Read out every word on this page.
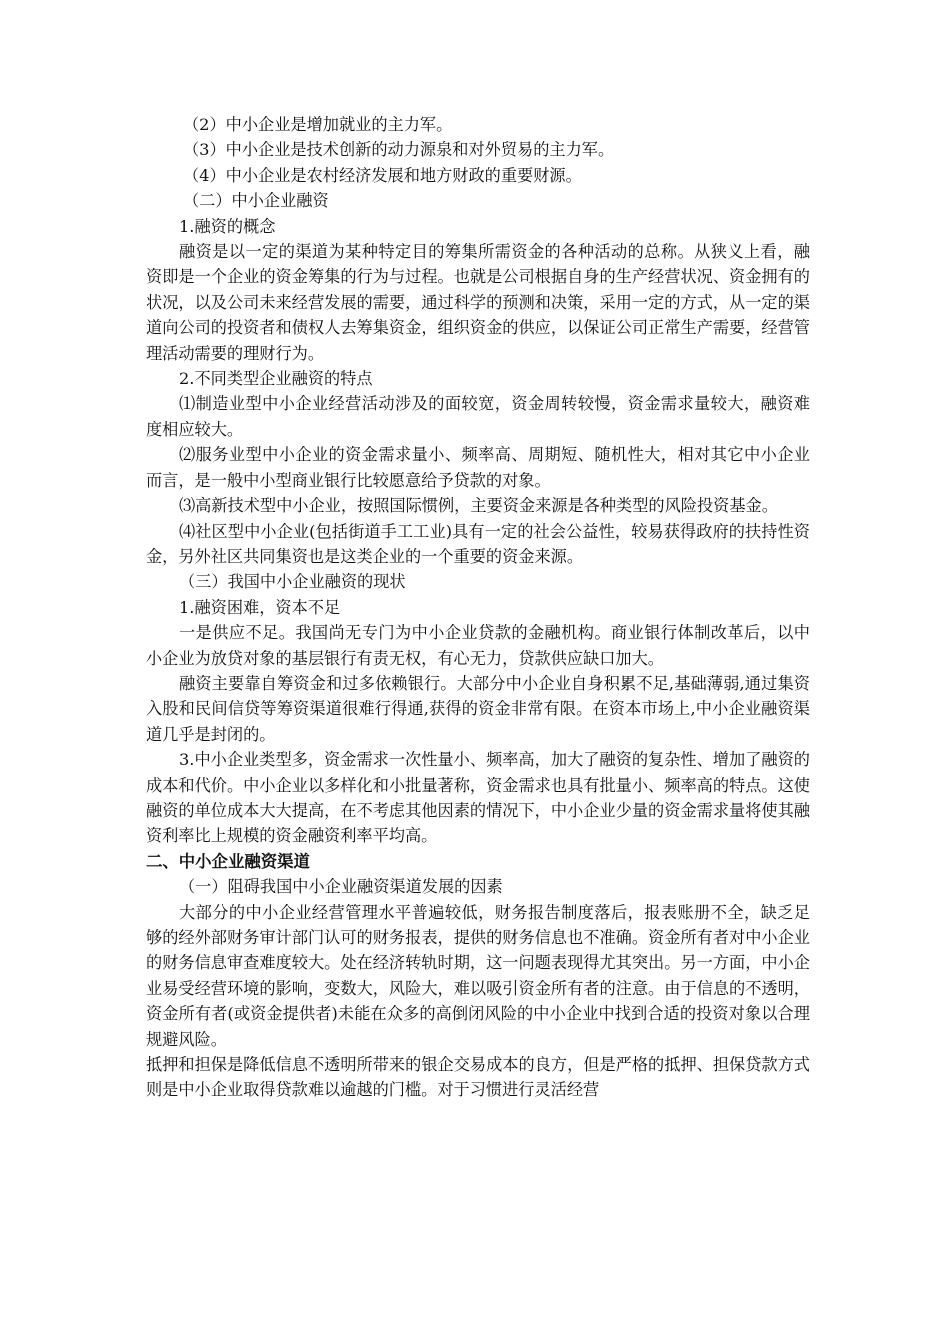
（2）中小企业是增加就业的主力军。

（3）中小企业是技术创新的动力源泉和对外贸易的主力军。

（4）中小企业是农村经济发展和地方财政的重要财源。

（二）中小企业融资

1.融资的概念

融资是以一定的渠道为某种特定目的筹集所需资金的各种活动的总称。从狭义上看，融资即是一个企业的资金筹集的行为与过程。也就是公司根据自身的生产经营状况、资金拥有的状况，以及公司未来经营发展的需要，通过科学的预测和决策，采用一定的方式，从一定的渠道向公司的投资者和债权人去筹集资金，组织资金的供应，以保证公司正常生产需要，经营管理活动需要的理财行为。

2.不同类型企业融资的特点

⑴制造业型中小企业经营活动涉及的面较宽，资金周转较慢，资金需求量较大，融资难度相应较大。

⑵服务业型中小企业的资金需求量小、频率高、周期短、随机性大，相对其它中小企业而言，是一般中小型商业银行比较愿意给予贷款的对象。

⑶高新技术型中小企业，按照国际惯例，主要资金来源是各种类型的风险投资基金。

⑷社区型中小企业(包括街道手工工业)具有一定的社会公益性，较易获得政府的扶持性资金，另外社区共同集资也是这类企业的一个重要的资金来源。

（三）我国中小企业融资的现状

1.融资困难，资本不足

一是供应不足。我国尚无专门为中小企业贷款的金融机构。商业银行体制改革后，以中小企业为放贷对象的基层银行有责无权，有心无力，贷款供应缺口加大。

融资主要靠自筹资金和过多依赖银行。大部分中小企业自身积累不足,基础薄弱,通过集资入股和民间信贷等筹资渠道很难行得通,获得的资金非常有限。在资本市场上,中小企业融资渠道几乎是封闭的。

3.中小企业类型多，资金需求一次性量小、频率高，加大了融资的复杂性、增加了融资的成本和代价。中小企业以多样化和小批量著称，资金需求也具有批量小、频率高的特点。这使融资的单位成本大大提高，在不考虑其他因素的情况下，中小企业少量的资金需求量将使其融资利率比上规模的资金融资利率平均高。

二、中小企业融资渠道

（一）阻碍我国中小企业融资渠道发展的因素

大部分的中小企业经营管理水平普遍较低，财务报告制度落后，报表账册不全，缺乏足够的经外部财务审计部门认可的财务报表，提供的财务信息也不准确。资金所有者对中小企业的财务信息审查难度较大。处在经济转轨时期，这一问题表现得尤其突出。另一方面，中小企业易受经营环境的影响，变数大，风险大，难以吸引资金所有者的注意。由于信息的不透明，资金所有者(或资金提供者)未能在众多的高倒闭风险的中小企业中找到合适的投资对象以合理规避风险。

抵押和担保是降低信息不透明所带来的银企交易成本的良方，但是严格的抵押、担保贷款方式则是中小企业取得贷款难以逾越的门槛。对于习惯进行灵活经营
